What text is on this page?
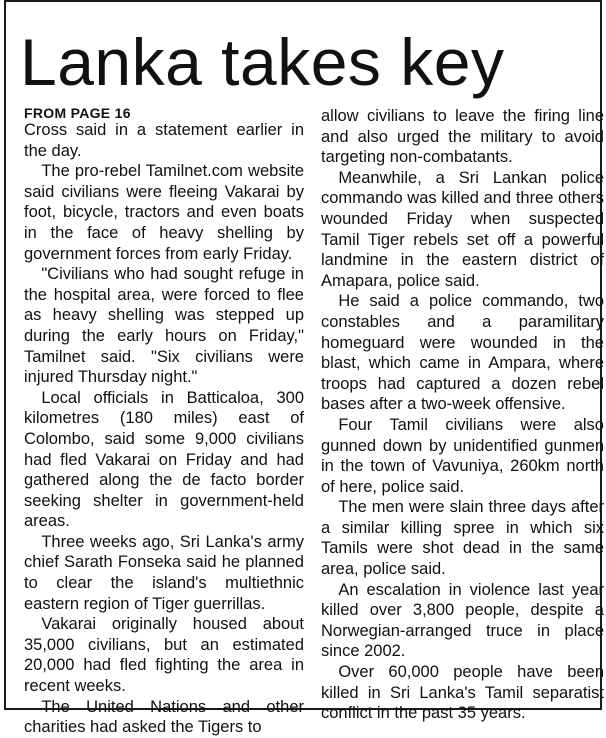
Lanka takes key
FROM PAGE 16

Cross said in a statement earlier in the day.

The pro-rebel Tamilnet.com website said civilians were fleeing Vakarai by foot, bicycle, tractors and even boats in the face of heavy shelling by government forces from early Friday.

"Civilians who had sought refuge in the hospital area, were forced to flee as heavy shelling was stepped up during the early hours on Friday," Tamilnet said. "Six civilians were injured Thursday night."

Local officials in Batticaloa, 300 kilometres (180 miles) east of Colombo, said some 9,000 civilians had fled Vakarai on Friday and had gathered along the de facto border seeking shelter in government-held areas.

Three weeks ago, Sri Lanka's army chief Sarath Fonseka said he planned to clear the island's multiethnic eastern region of Tiger guerrillas.

Vakarai originally housed about 35,000 civilians, but an estimated 20,000 had fled fighting the area in recent weeks.

The United Nations and other charities had asked the Tigers to

allow civilians to leave the firing line and also urged the military to avoid targeting non-combatants.

Meanwhile, a Sri Lankan police commando was killed and three others wounded Friday when suspected Tamil Tiger rebels set off a powerful landmine in the eastern district of Amapara, police said.

He said a police commando, two constables and a paramilitary homeguard were wounded in the blast, which came in Ampara, where troops had captured a dozen rebel bases after a two-week offensive.

Four Tamil civilians were also gunned down by unidentified gunmen in the town of Vavuniya, 260km north of here, police said.

The men were slain three days after a similar killing spree in which six Tamils were shot dead in the same area, police said.

An escalation in violence last year killed over 3,800 people, despite a Norwegian-arranged truce in place since 2002.

Over 60,000 people have been killed in Sri Lanka's Tamil separatist conflict in the past 35 years.
